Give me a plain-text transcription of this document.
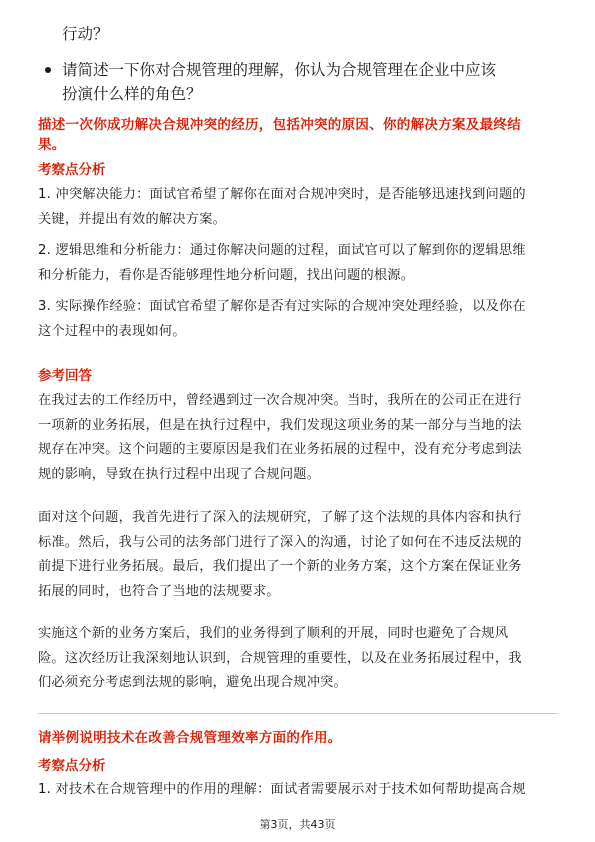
行动？
请简述一下你对合规管理的理解，你认为合规管理在企业中应该
扮演什么样的角色？
描述一次你成功解决合规冲突的经历，包括冲突的原因、你的解决方案及最终结
果。
考察点分析
1. 冲突解决能力：面试官希望了解你在面对合规冲突时，是否能够迅速找到问题的
关键，并提出有效的解决方案。
2. 逻辑思维和分析能力：通过你解决问题的过程，面试官可以了解到你的逻辑思维
和分析能力，看你是否能够理性地分析问题，找出问题的根源。
3. 实际操作经验：面试官希望了解你是否有过实际的合规冲突处理经验，以及你在
这个过程中的表现如何。
参考回答
在我过去的工作经历中，曾经遇到过一次合规冲突。当时，我所在的公司正在进行
一项新的业务拓展，但是在执行过程中，我们发现这项业务的某一部分与当地的法
规存在冲突。这个问题的主要原因是我们在业务拓展的过程中，没有充分考虑到法
规的影响，导致在执行过程中出现了合规问题。
面对这个问题，我首先进行了深入的法规研究，了解了这个法规的具体内容和执行
标准。然后，我与公司的法务部门进行了深入的沟通，讨论了如何在不违反法规的
前提下进行业务拓展。最后，我们提出了一个新的业务方案，这个方案在保证业务
拓展的同时，也符合了当地的法规要求。
实施这个新的业务方案后，我们的业务得到了顺利的开展，同时也避免了合规风
险。这次经历让我深刻地认识到，合规管理的重要性，以及在业务拓展过程中，我
们必须充分考虑到法规的影响，避免出现合规冲突。
请举例说明技术在改善合规管理效率方面的作用。
考察点分析
1. 对技术在合规管理中的作用的理解：面试者需要展示对于技术如何帮助提高合规
第3页，共43页
